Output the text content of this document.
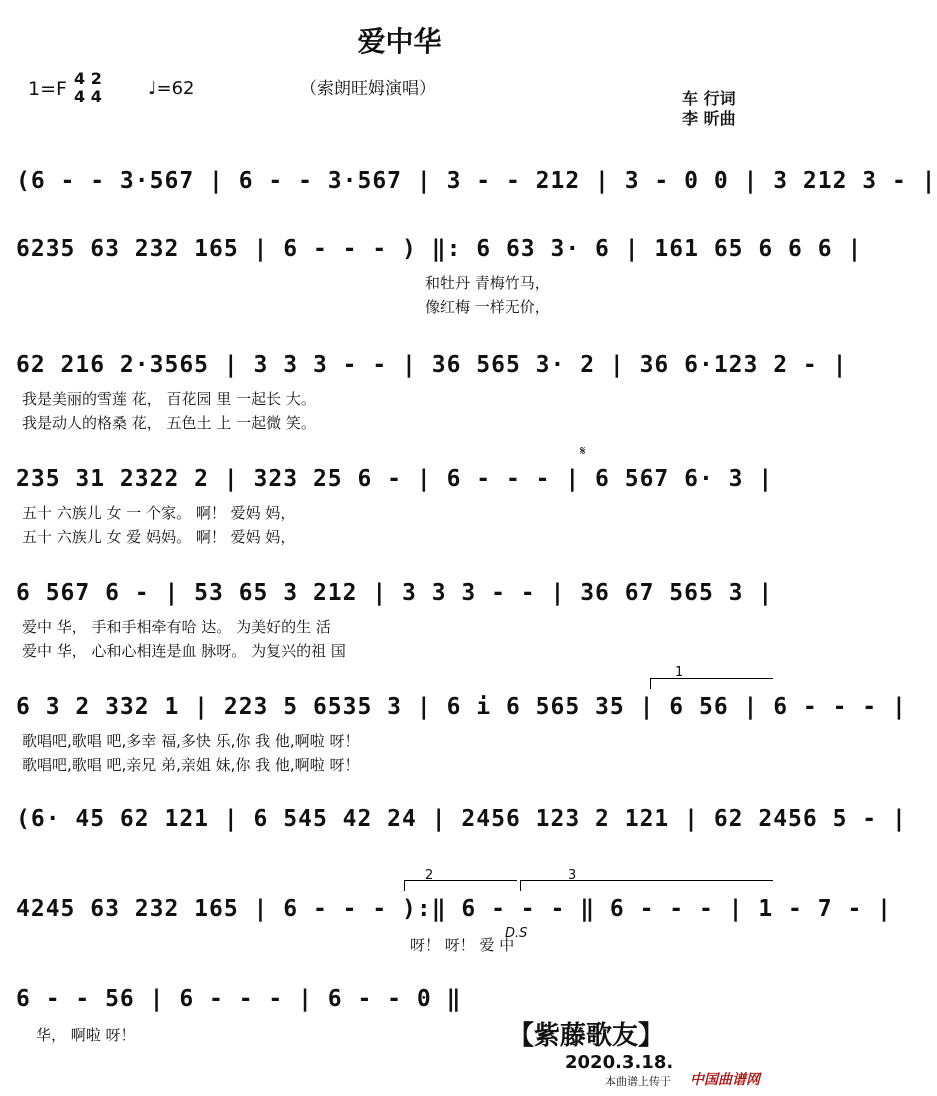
爱中华
（索朗旺姆演唱）
1=F 4 2
4 4	♩=62	车 行词
李 昕曲
(6 - - 3·567 | 6 - - 3·567 | 3 - - 212 | 3 - 0 0 | 3 212 3 - |
6235 63 232 165 | 6 - - - ) ‖: 6 63 3· 6 | 161 65 6 6 6 |
和牡丹 青梅竹马，
像红梅 一样无价，
62 216 2·3565 | 3 3 3 - - | 36 565 3· 2 | 36 6·123 2 - |
我是美丽的雪莲 花， 百花园 里 一起长 大。
我是动人的格桑 花， 五色土 上 一起微 笑。
𝄋
235 31 2322 2 | 323 25 6 - | 6 - - - | 6 567 6· 3 |
五十 六族儿 女 一 个家。 啊！ 爱妈 妈，
五十 六族儿 女 爱 妈妈。 啊！ 爱妈 妈，
6 567 6 - | 53 65 3 212 | 3 3 3 - - | 36 67 565 3 |
爱中 华， 手和手相牵有哈 达。 为美好的生 活
爱中 华， 心和心相连是血 脉呀。 为复兴的祖 国
1
6 3 2 332 1 | 223 5 6535 3 | 6 i 6 565 35 | 6 56 | 6 - - - |
歌唱吧,歌唱 吧,多幸 福,多快 乐,你 我 他,啊啦 呀！
歌唱吧,歌唱 吧,亲兄 弟,亲姐 妹,你 我 他,啊啦 呀！
(6· 45 62 121 | 6 545 42 24 | 2456 123 2 121 | 62 2456 5 - |
2	3
4245 63 232 165 | 6 - - - ):‖ 6 - - - ‖ 6 - - - | 1 - 7 - |
呀！ 呀！ 爱 中
D.S
6 - - 56 | 6 - - - | 6 - - 0 ‖
华， 啊啦 呀！	【紫藤歌友】
2020.3.18.
本曲谱上传于 中国曲谱网
